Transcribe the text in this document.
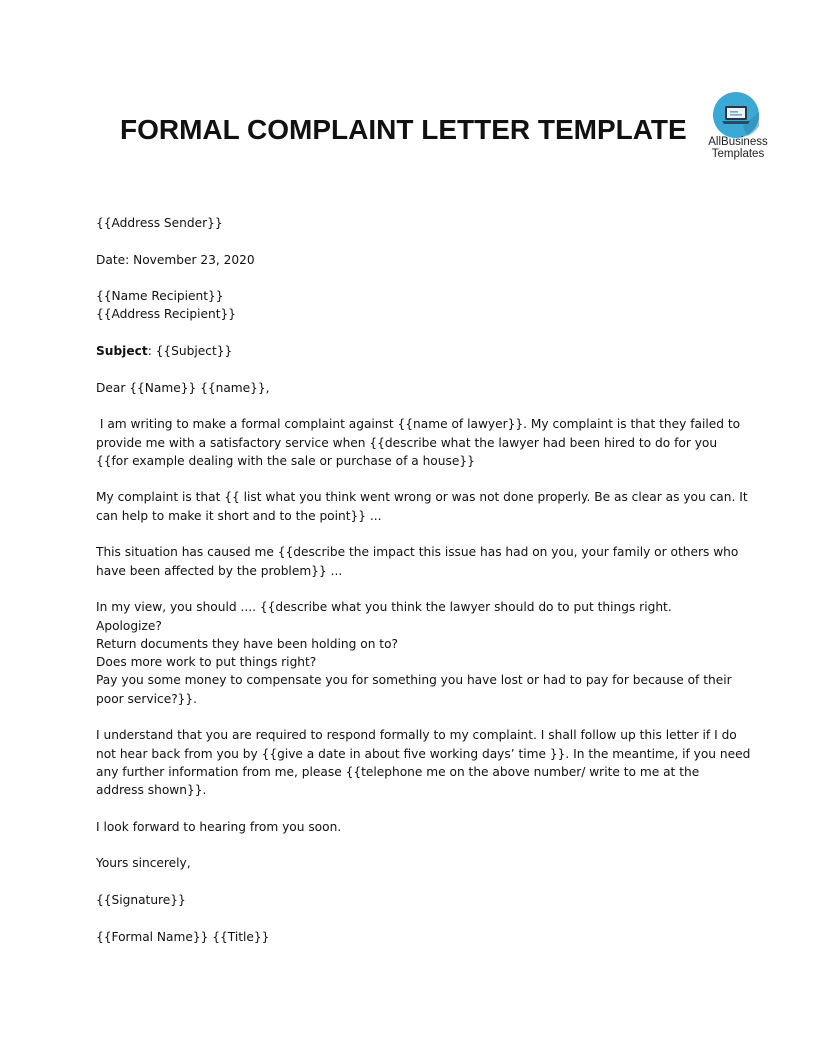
FORMAL COMPLAINT LETTER TEMPLATE	AllBusiness
Templates

{{Address Sender}}

Date: November 23, 2020

{{Name Recipient}}
{{Address Recipient}}

Subject: {{Subject}}

Dear {{Name}} {{name}},

I am writing to make a formal complaint against {{name of lawyer}}. My complaint is that they failed to
provide me with a satisfactory service when {{describe what the lawyer had been hired to do for you
{{for example dealing with the sale or purchase of a house}}

My complaint is that {{ list what you think went wrong or was not done properly. Be as clear as you can. It
can help to make it short and to the point}} ...

This situation has caused me {{describe the impact this issue has had on you, your family or others who
have been affected by the problem}} ...

In my view, you should .... {{describe what you think the lawyer should do to put things right.
Apologize?
Return documents they have been holding on to?
Does more work to put things right?
Pay you some money to compensate you for something you have lost or had to pay for because of their
poor service?}}.

I understand that you are required to respond formally to my complaint. I shall follow up this letter if I do
not hear back from you by {{give a date in about five working days’ time }}. In the meantime, if you need
any further information from me, please {{telephone me on the above number/ write to me at the
address shown}}.

I look forward to hearing from you soon.

Yours sincerely,

{{Signature}}

{{Formal Name}} {{Title}}
